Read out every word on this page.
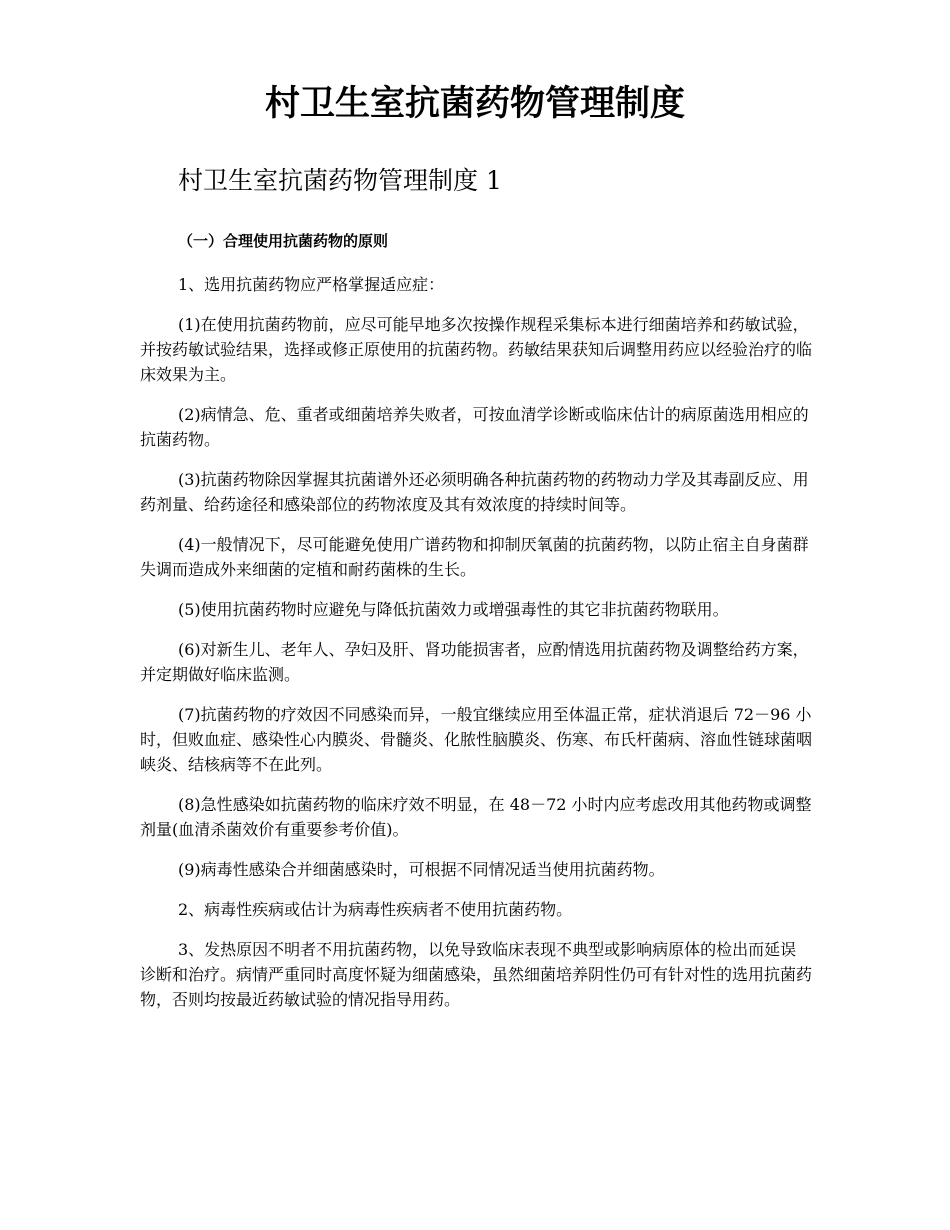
村卫生室抗菌药物管理制度
村卫生室抗菌药物管理制度 1
（一）合理使用抗菌药物的原则

1、选用抗菌药物应严格掌握适应症：

(1)在使用抗菌药物前，应尽可能早地多次按操作规程采集标本进行细菌培养和药敏试验，并按药敏试验结果，选择或修正原使用的抗菌药物。药敏结果获知后调整用药应以经验治疗的临床效果为主。

(2)病情急、危、重者或细菌培养失败者，可按血清学诊断或临床估计的病原菌选用相应的抗菌药物。

(3)抗菌药物除因掌握其抗菌谱外还必须明确各种抗菌药物的药物动力学及其毒副反应、用药剂量、给药途径和感染部位的药物浓度及其有效浓度的持续时间等。

(4)一般情况下，尽可能避免使用广谱药物和抑制厌氧菌的抗菌药物，以防止宿主自身菌群失调而造成外来细菌的定植和耐药菌株的生长。

(5)使用抗菌药物时应避免与降低抗菌效力或增强毒性的其它非抗菌药物联用。

(6)对新生儿、老年人、孕妇及肝、肾功能损害者，应酌情选用抗菌药物及调整给药方案，并定期做好临床监测。

(7)抗菌药物的疗效因不同感染而异，一般宜继续应用至体温正常，症状消退后 72－96 小时，但败血症、感染性心内膜炎、骨髓炎、化脓性脑膜炎、伤寒、布氏杆菌病、溶血性链球菌咽峡炎、结核病等不在此列。

(8)急性感染如抗菌药物的临床疗效不明显，在 48－72 小时内应考虑改用其他药物或调整剂量(血清杀菌效价有重要参考价值)。

(9)病毒性感染合并细菌感染时，可根据不同情况适当使用抗菌药物。

2、病毒性疾病或估计为病毒性疾病者不使用抗菌药物。

3、发热原因不明者不用抗菌药物，以免导致临床表现不典型或影响病原体的检出而延误诊断和治疗。病情严重同时高度怀疑为细菌感染，虽然细菌培养阴性仍可有针对性的选用抗菌药物，否则均按最近药敏试验的情况指导用药。
